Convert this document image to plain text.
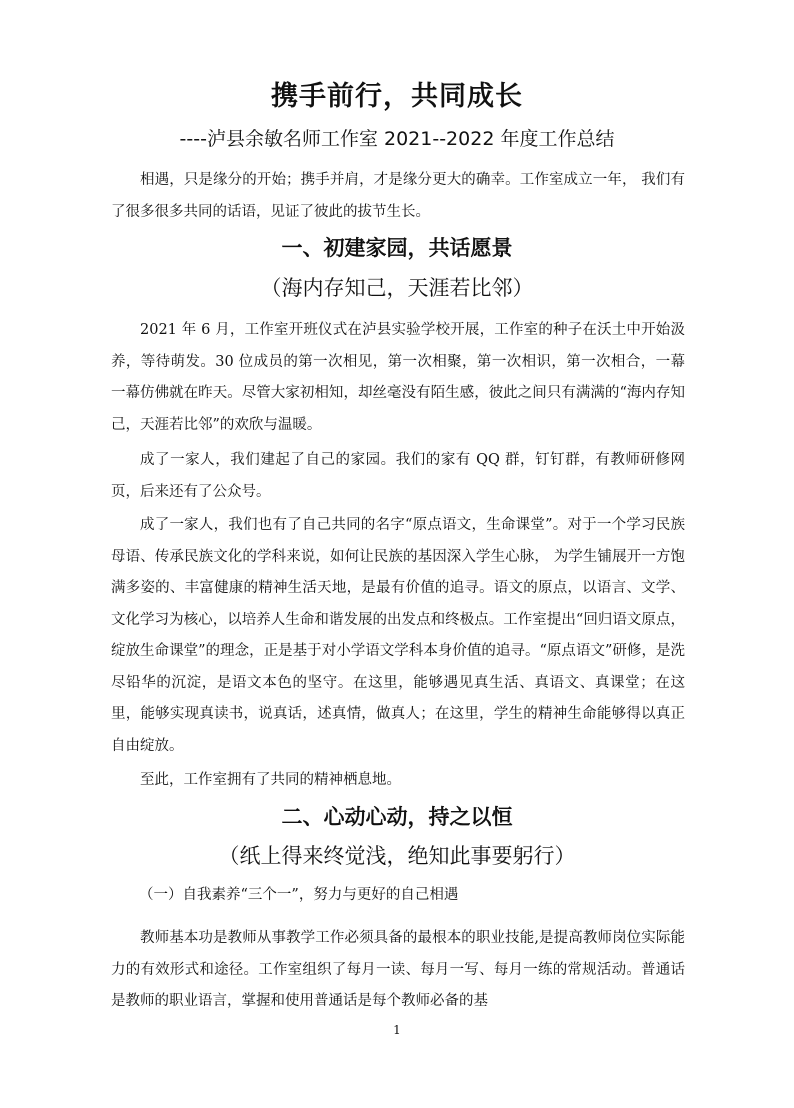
携手前行，共同成长
----泸县余敏名师工作室 2021--2022 年度工作总结

相遇，只是缘分的开始；携手并肩，才是缘分更大的确幸。工作室成立一年， 我们有了很多很多共同的话语，见证了彼此的拔节生长。

一、初建家园，共话愿景
（海内存知己，天涯若比邻）

2021 年 6 月，工作室开班仪式在泸县实验学校开展，工作室的种子在沃土中开始汲养，等待萌发。30 位成员的第一次相见，第一次相聚，第一次相识，第一次相合，一幕一幕仿佛就在昨天。尽管大家初相知，却丝毫没有陌生感，彼此之间只有满满的“海内存知己，天涯若比邻”的欢欣与温暖。

成了一家人，我们建起了自己的家园。我们的家有 QQ 群，钉钉群，有教师研修网页，后来还有了公众号。

成了一家人，我们也有了自己共同的名字“原点语文，生命课堂”。对于一个学习民族母语、传承民族文化的学科来说，如何让民族的基因深入学生心脉， 为学生铺展开一方饱满多姿的、丰富健康的精神生活天地，是最有价值的追寻。语文的原点，以语言、文学、文化学习为核心，以培养人生命和谐发展的出发点和终极点。工作室提出“回归语文原点，绽放生命课堂”的理念，正是基于对小学语文学科本身价值的追寻。“原点语文”研修，是洗尽铅华的沉淀，是语文本色的坚守。在这里，能够遇见真生活、真语文、真课堂；在这里，能够实现真读书，说真话，述真情，做真人；在这里，学生的精神生命能够得以真正自由绽放。

至此，工作室拥有了共同的精神栖息地。

二、心动心动，持之以恒
（纸上得来终觉浅，绝知此事要躬行）

（一）自我素养“三个一”，努力与更好的自己相遇

教师基本功是教师从事教学工作必须具备的最根本的职业技能,是提高教师岗位实际能力的有效形式和途径。工作室组织了每月一读、每月一写、每月一练的常规活动。普通话是教师的职业语言，掌握和使用普通话是每个教师必备的基

1
